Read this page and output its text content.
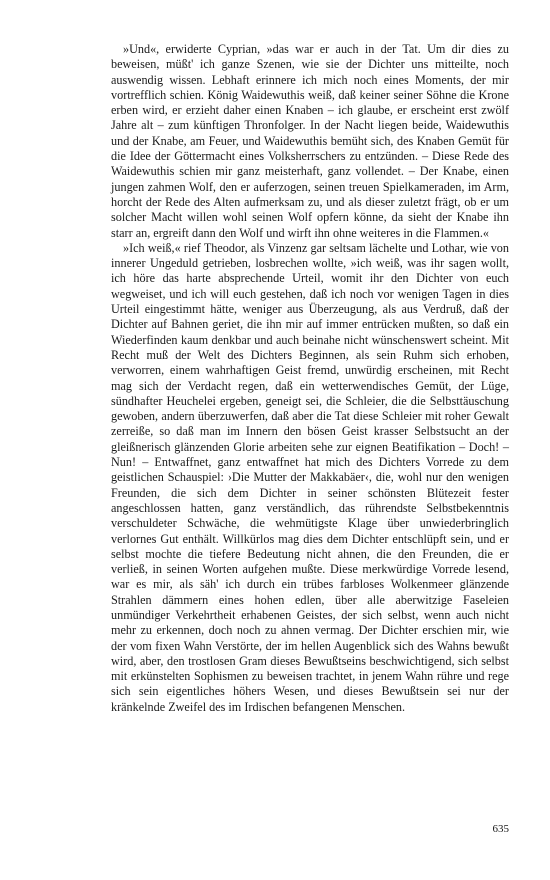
»Und«, erwiderte Cyprian, »das war er auch in der Tat. Um dir dies zu beweisen, müßt' ich ganze Szenen, wie sie der Dichter uns mitteilte, noch auswendig wissen. Lebhaft erinnere ich mich noch eines Moments, der mir vortrefflich schien. König Waidewuthis weiß, daß keiner seiner Söhne die Krone erben wird, er erzieht daher einen Knaben – ich glaube, er erscheint erst zwölf Jahre alt – zum künftigen Thronfolger. In der Nacht liegen beide, Waidewuthis und der Knabe, am Feuer, und Waidewuthis bemüht sich, des Knaben Gemüt für die Idee der Göttermacht eines Volksherrschers zu entzünden. – Diese Rede des Waidewuthis schien mir ganz meisterhaft, ganz vollendet. – Der Knabe, einen jungen zahmen Wolf, den er auferzogen, seinen treuen Spielkameraden, im Arm, horcht der Rede des Alten aufmerksam zu, und als dieser zuletzt frägt, ob er um solcher Macht willen wohl seinen Wolf opfern könne, da sieht der Knabe ihn starr an, ergreift dann den Wolf und wirft ihn ohne weiteres in die Flammen.«

»Ich weiß,« rief Theodor, als Vinzenz gar seltsam lächelte und Lothar, wie von innerer Ungeduld getrieben, losbrechen wollte, »ich weiß, was ihr sagen wollt, ich höre das harte absprechende Urteil, womit ihr den Dichter von euch wegweiset, und ich will euch gestehen, daß ich noch vor wenigen Tagen in dies Urteil eingestimmt hätte, weniger aus Überzeugung, als aus Verdruß, daß der Dichter auf Bahnen geriet, die ihn mir auf immer entrücken mußten, so daß ein Wiederfinden kaum denkbar und auch beinahe nicht wünschenswert scheint. Mit Recht muß der Welt des Dichters Beginnen, als sein Ruhm sich erhoben, verworren, einem wahrhaftigen Geist fremd, unwürdig erscheinen, mit Recht mag sich der Verdacht regen, daß ein wetterwendisches Gemüt, der Lüge, sündhafter Heuchelei ergeben, geneigt sei, die Schleier, die die Selbsttäuschung gewoben, andern überzuwerfen, daß aber die Tat diese Schleier mit roher Gewalt zerreiße, so daß man im Innern den bösen Geist krasser Selbstsucht an der gleißnerisch glänzenden Glorie arbeiten sehe zur eignen Beatifikation – Doch! – Nun! – Entwaffnet, ganz entwaffnet hat mich des Dichters Vorrede zu dem geistlichen Schauspiel: ›Die Mutter der Makkabäer‹, die, wohl nur den wenigen Freunden, die sich dem Dichter in seiner schönsten Blütezeit fester angeschlossen hatten, ganz verständlich, das rührendste Selbstbekenntnis verschuldeter Schwäche, die wehmütigste Klage über unwiederbringlich verlornes Gut enthält. Willkürlos mag dies dem Dichter entschlüpft sein, und er selbst mochte die tiefere Bedeutung nicht ahnen, die den Freunden, die er verließ, in seinen Worten aufgehen mußte. Diese merkwürdige Vorrede lesend, war es mir, als säh' ich durch ein trübes farbloses Wolkenmeer glänzende Strahlen dämmern eines hohen edlen, über alle aberwitzige Faseleien unmündiger Verkehrtheit erhabenen Geistes, der sich selbst, wenn auch nicht mehr zu erkennen, doch noch zu ahnen vermag. Der Dichter erschien mir, wie der vom fixen Wahn Verstörte, der im hellen Augenblick sich des Wahns bewußt wird, aber, den trostlosen Gram dieses Bewußtseins beschwichtigend, sich selbst mit erkünstelten Sophismen zu beweisen trachtet, in jenem Wahn rühre und rege sich sein eigentliches höhers Wesen, und dieses Bewußtsein sei nur der kränkelnde Zweifel des im Irdischen befangenen Menschen.

635
